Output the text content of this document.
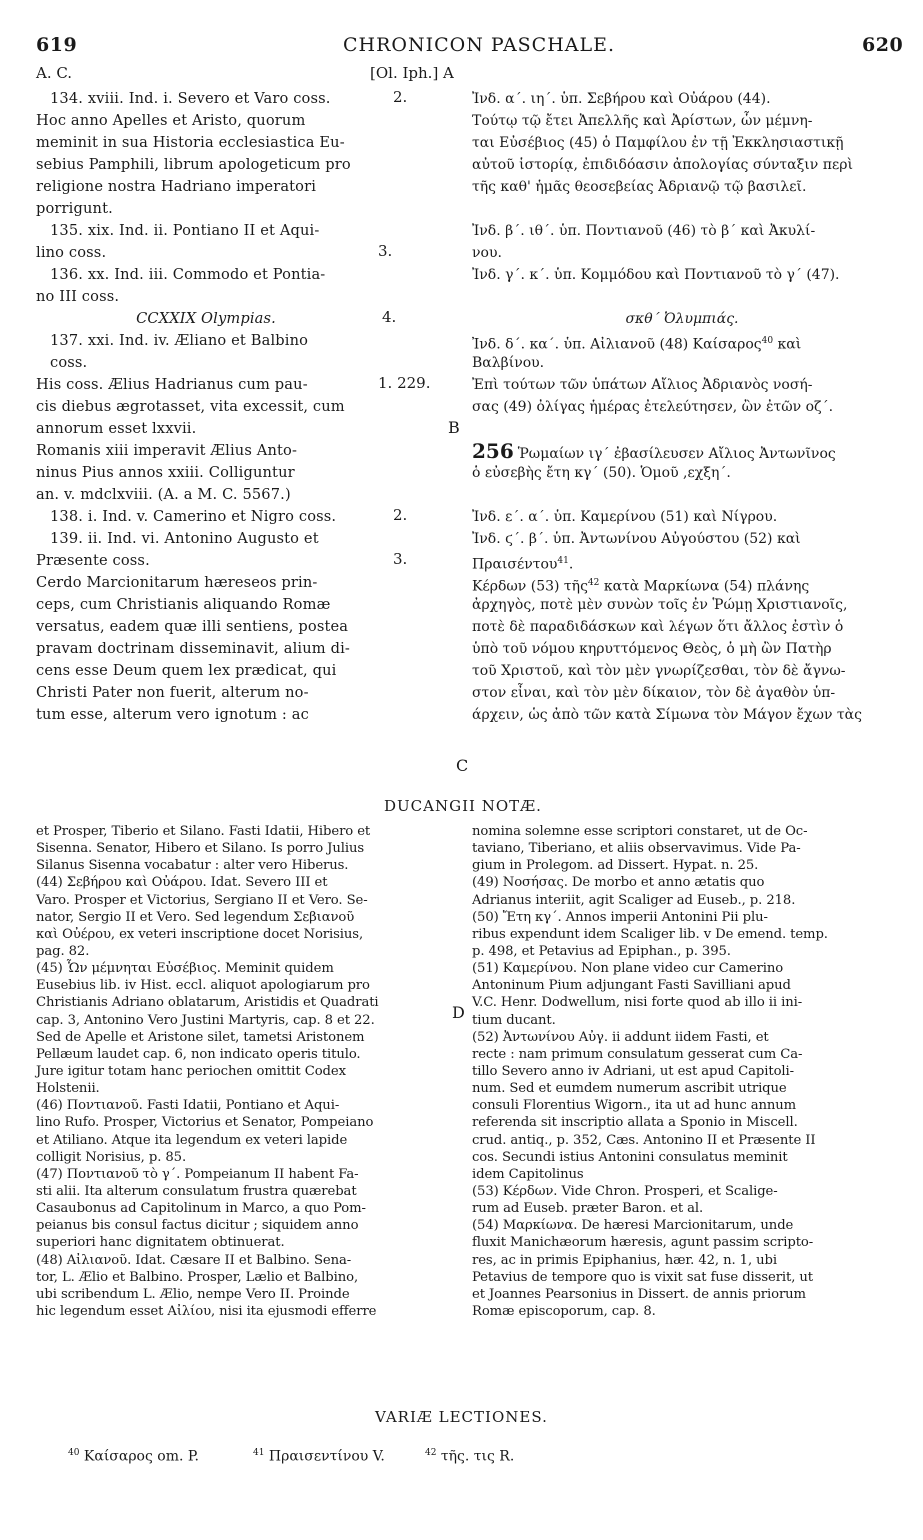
619	CHRONICON PASCHALE.	620
A. C.	[Ol. Iph.] A
134. xviii. Ind. i. Severo et Varo coss.
Hoc anno Apelles et Aristo, quorum
meminit in sua Historia ecclesiastica Eu-
sebius Pamphili, librum apologeticum pro
religione nostra Hadriano imperatori
porrigunt.
135. xix. Ind. ii. Pontiano II et Aqui-
lino coss.
136. xx. Ind. iii. Commodo et Pontia-
no III coss.
CCXXIX Olympias.
137. xxi. Ind. iv. Æliano et Balbino
coss.
His coss. Ælius Hadrianus cum pau-
cis diebus ægrotasset, vita excessit, cum
annorum esset lxxvii.
Romanis xiii imperavit Ælius Anto-
ninus Pius annos xxiii. Colliguntur
an. v. mdclxviii. (A. a M. C. 5567.)
138. i. Ind. v. Camerino et Nigro coss.
139. ii. Ind. vi. Antonino Augusto et
Præsente coss.
Cerdo Marcionitarum hæreseos prin-
ceps, cum Christianis aliquando Romæ
versatus, eadem quæ illi sentiens, postea
pravam doctrinam disseminavit, alium di-
cens esse Deum quem lex prædicat, qui
Christi Pater non fuerit, alterum no-
tum esse, alterum vero ignotum : ac
2.
3.
4.
1. 229.
2.
3.
B
C
D
Ἰνδ. α΄. ιη΄. ὑπ. Σεβήρου καὶ Οὐάρου (44).
Τούτῳ τῷ ἔτει Ἀπελλῆς καὶ Ἀρίστων, ὧν μέμνη-
ται Εὐσέβιος (45) ὁ Παμφίλου ἐν τῇ Ἐκκλησιαστικῇ
αὐτοῦ ἱστορίᾳ, ἐπιδιδόασιν ἀπολογίας σύνταξιν περὶ
τῆς καθ' ἡμᾶς θεοσεβείας Ἀδριανῷ τῷ βασιλεῖ.
Ἰνδ. β΄. ιθ΄. ὑπ. Ποντιανοῦ (46) τὸ β΄ καὶ Ἀκυλί-
νου.
Ἰνδ. γ΄. κ΄. ὑπ. Κομμόδου καὶ Ποντιανοῦ τὸ γ΄ (47).
σκθ΄ Ὀλυμπιάς.
Ἰνδ. δ΄. κα΄. ὑπ. Αἰλιανοῦ (48) Καίσαρος$^{40}$ καὶ
Βαλβίνου.
Ἐπὶ τούτων τῶν ὑπάτων Αἴλιος Ἀδριανὸς νοσή-
σας (49) ὀλίγας ἡμέρας ἐτελεύτησεν, ὢν ἐτῶν οζ΄.
256 Ῥωμαίων ιγ΄ ἐβασίλευσεν Αἴλιος Ἀντωνῖνος
ὁ εὐσεβὴς ἔτη κγ΄ (50). Ὁμοῦ ,εχξη΄.
Ἰνδ. ε΄. α΄. ὑπ. Καμερίνου (51) καὶ Νίγρου.
Ἰνδ. ϛ΄. β΄. ὑπ. Ἀντωνίνου Αὐγούστου (52) καὶ
Πραισέντου$^{41}$.
Κέρδων (53) τῆς$^{42}$ κατὰ Μαρκίωνα (54) πλάνης
ἀρχηγὸς, ποτὲ μὲν συνὼν τοῖς ἐν Ῥώμῃ Χριστιανοῖς,
ποτὲ δὲ παραδιδάσκων καὶ λέγων ὅτι ἄλλος ἐστὶν ὁ
ὑπὸ τοῦ νόμου κηρυττόμενος Θεὸς, ὁ μὴ ὢν Πατὴρ
τοῦ Χριστοῦ, καὶ τὸν μὲν γνωρίζεσθαι, τὸν δὲ ἄγνω-
στον εἶναι, καὶ τὸν μὲν δίκαιον, τὸν δὲ ἀγαθὸν ὑπ-
άρχειν, ὡς ἀπὸ τῶν κατὰ Σίμωνα τὸν Μάγον ἔχων τὰς
DUCANGII NOTÆ.
et Prosper, Tiberio et Silano. Fasti Idatii, Hibero et
Sisenna. Senator, Hibero et Silano. Is porro Julius
Silanus Sisenna vocabatur : alter vero Hiberus.
(44) Σεβήρου καὶ Οὐάρου. Idat. Severo III et
Varo. Prosper et Victorius, Sergiano II et Vero. Se-
nator, Sergio II et Vero. Sed legendum Σεβιανοῦ
καὶ Οὐέρου, ex veteri inscriptione docet Norisius,
pag. 82.
(45) Ὧν μέμνηται Εὐσέβιος. Meminit quidem
Eusebius lib. iv Hist. eccl. aliquot apologiarum pro
Christianis Adriano oblatarum, Aristidis et Quadrati
cap. 3, Antonino Vero Justini Martyris, cap. 8 et 22.
Sed de Apelle et Aristone silet, tametsi Aristonem
Pellæum laudet cap. 6, non indicato operis titulo.
Jure igitur totam hanc periochen omittit Codex
Holstenii.
(46) Ποντιανοῦ. Fasti Idatii, Pontiano et Aqui-
lino Rufo. Prosper, Victorius et Senator, Pompeiano
et Atiliano. Atque ita legendum ex veteri lapide
colligit Norisius, p. 85.
(47) Ποντιανοῦ τὸ γ΄. Pompeianum II habent Fa-
sti alii. Ita alterum consulatum frustra quærebat
Casaubonus ad Capitolinum in Marco, a quo Pom-
peianus bis consul factus dicitur ; siquidem anno
superiori hanc dignitatem obtinuerat.
(48) Αἰλιανοῦ. Idat. Cæsare II et Balbino. Sena-
tor, L. Ælio et Balbino. Prosper, Lælio et Balbino,
ubi scribendum L. Ælio, nempe Vero II. Proinde
hic legendum esset Αἰλίου, nisi ita ejusmodi efferre
nomina solemne esse scriptori constaret, ut de Oc-
taviano, Tiberiano, et aliis observavimus. Vide Pa-
gium in Prolegom. ad Dissert. Hypat. n. 25.
(49) Νοσήσας. De morbo et anno ætatis quo
Adrianus interiit, agit Scaliger ad Euseb., p. 218.
(50) Ἔτη κγ΄. Annos imperii Antonini Pii plu-
ribus expendunt idem Scaliger lib. v De emend. temp.
p. 498, et Petavius ad Epiphan., p. 395.
(51) Καμερίνου. Non plane video cur Camerino
Antoninum Pium adjungant Fasti Savilliani apud
V.C. Henr. Dodwellum, nisi forte quod ab illo ii ini-
tium ducant.
(52) Ἀντωνίνου Αὐγ. ii addunt iidem Fasti, et
recte : nam primum consulatum gesserat cum Ca-
tillo Severo anno iv Adriani, ut est apud Capitoli-
num. Sed et eumdem numerum ascribit utrique
consuli Florentius Wigorn., ita ut ad hunc annum
referenda sit inscriptio allata a Sponio in Miscell.
crud. antiq., p. 352, Cæs. Antonino II et Præsente II
cos. Secundi istius Antonini consulatus meminit
idem Capitolinus
(53) Κέρδων. Vide Chron. Prosperi, et Scalige-
rum ad Euseb. præter Baron. et al.
(54) Μαρκίωνα. De hæresi Marcionitarum, unde
fluxit Manichæorum hæresis, agunt passim scripto-
res, ac in primis Epiphanius, hær. 42, n. 1, ubi
Petavius de tempore quo is vixit sat fuse disserit, ut
et Joannes Pearsonius in Dissert. de annis priorum
Romæ episcoporum, cap. 8.
VARIÆ LECTIONES.
$^{40}$ Καίσαρος om. P.	$^{41}$ Πραισεντίνου V.	$^{42}$ τῆς. τις R.
